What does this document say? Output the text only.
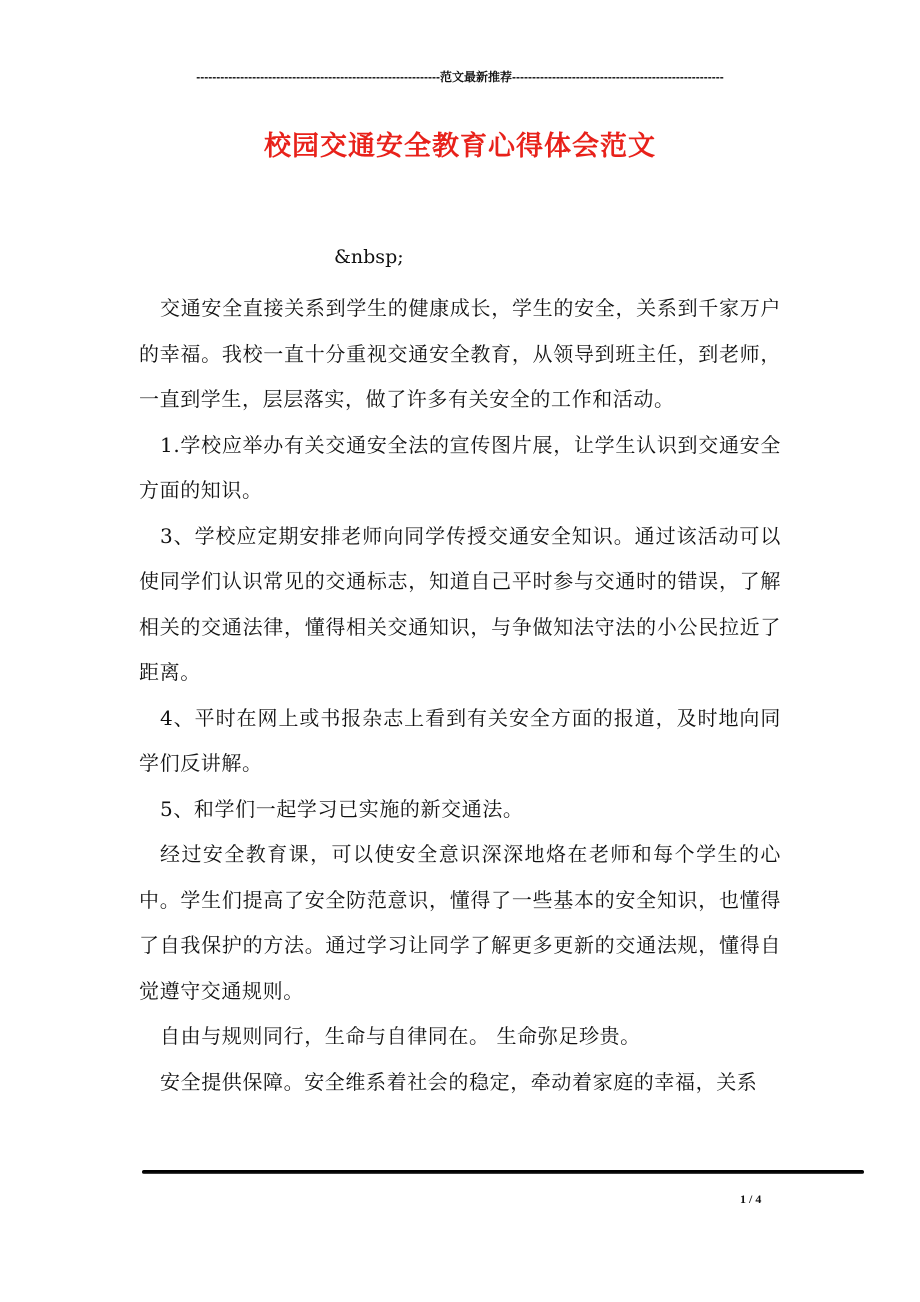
-------------------------------------------------------------范文最新推荐-----------------------------------------------------
校园交通安全教育心得体会范文
&nbsp;

交通安全直接关系到学生的健康成长，学生的安全，关系到千家万户的幸福。我校一直十分重视交通安全教育，从领导到班主任，到老师，一直到学生，层层落实，做了许多有关安全的工作和活动。

1.学校应举办有关交通安全法的宣传图片展，让学生认识到交通安全方面的知识。

3、学校应定期安排老师向同学传授交通安全知识。通过该活动可以使同学们认识常见的交通标志，知道自己平时参与交通时的错误，了解相关的交通法律，懂得相关交通知识，与争做知法守法的小公民拉近了距离。

4、平时在网上或书报杂志上看到有关安全方面的报道，及时地向同学们反讲解。

5、和学们一起学习已实施的新交通法。

经过安全教育课，可以使安全意识深深地烙在老师和每个学生的心中。学生们提高了安全防范意识，懂得了一些基本的安全知识，也懂得了自我保护的方法。通过学习让同学了解更多更新的交通法规，懂得自觉遵守交通规则。

自由与规则同行，生命与自律同在。 生命弥足珍贵。

安全提供保障。安全维系着社会的稳定，牵动着家庭的幸福，关系

1 / 4
